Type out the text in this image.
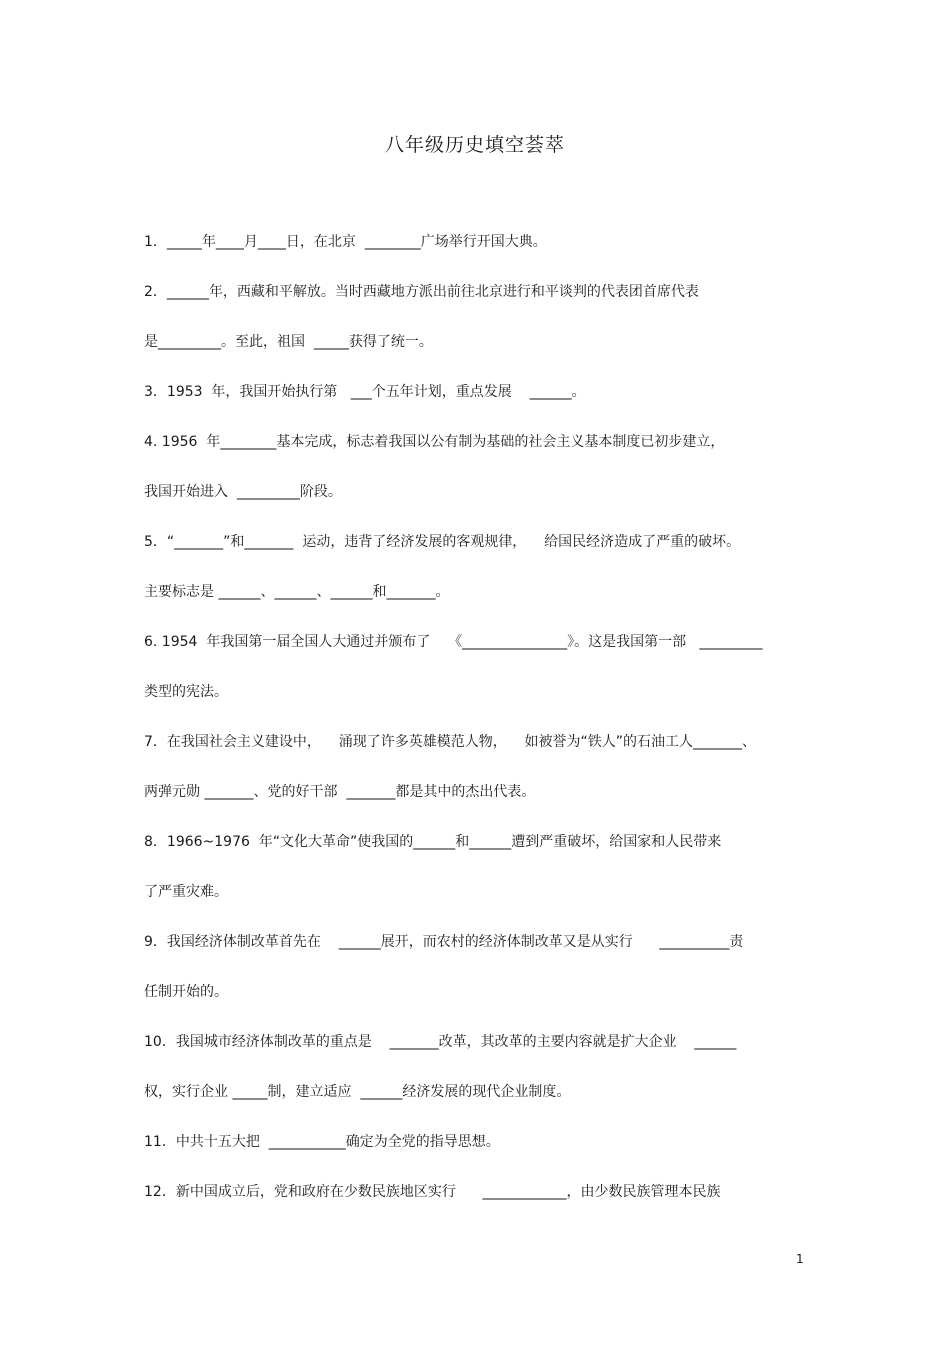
八年级历史填空荟萃
1．_____年____月____日，在北京  ________广场举行开国大典。
2．______年，西藏和平解放。当时西藏地方派出前往北京进行和平谈判的代表团首席代表
是_________。至此，祖国  _____获得了统一。
3．1953  年，我国开始执行第   ___个五年计划，重点发展    ______。
4. 1956  年________基本完成，标志着我国以公有制为基础的社会主义基本制度已初步建立，
我国开始进入  _________阶段。
5．“_______”和_______  运动，违背了经济发展的客观规律，    给国民经济造成了严重的破坏。
主要标志是 ______、______、______和_______。
6. 1954  年我国第一届全国人大通过并颁布了    《_______________》。这是我国第一部   _________
类型的宪法。
7．在我国社会主义建设中，    涌现了许多英雄模范人物，    如被誉为“铁人”的石油工人_______、
两弹元勋 _______、党的好干部  _______都是其中的杰出代表。
8．1966~1976  年“文化大革命”使我国的______和______遭到严重破坏，给国家和人民带来
了严重灾难。
9．我国经济体制改革首先在    ______展开，而农村的经济体制改革又是从实行      __________责
任制开始的。
10．我国城市经济体制改革的重点是    _______改革，其改革的主要内容就是扩大企业    ______
权，实行企业 _____制，建立适应  ______经济发展的现代企业制度。
11．中共十五大把  ___________确定为全党的指导思想。
12．新中国成立后，党和政府在少数民族地区实行      ____________，由少数民族管理本民族
1
